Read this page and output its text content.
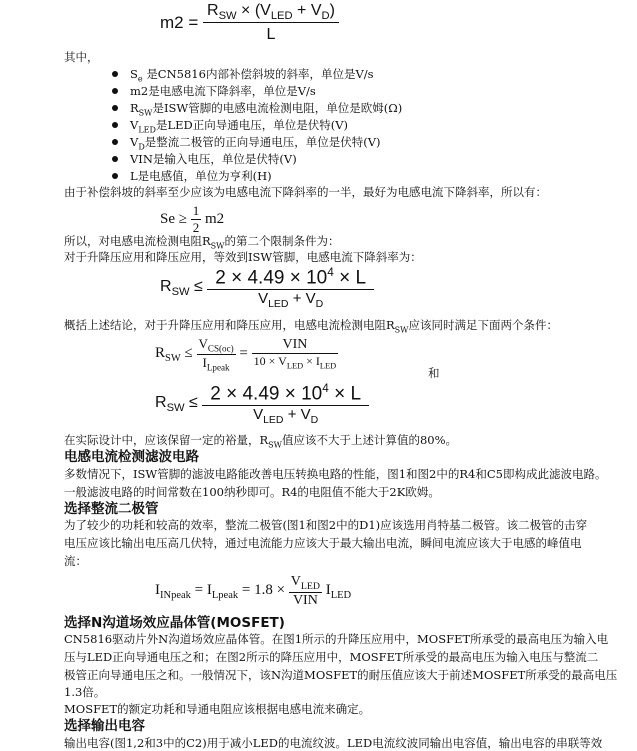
$m2 = \frac{R_{SW} \times (V_{LED} + V_D)}{L}$
其中，
$S_e$ 是CN5816内部补偿斜坡的斜率，单位是V/s
m2是电感电流下降斜率，单位是V/s
$R_{SW}$是ISW管脚的电感电流检测电阻，单位是欧姆(Ω)
$V_{LED}$是LED正向导通电压，单位是伏特(V)
$V_D$是整流二极管的正向导通电压，单位是伏特(V)
VIN是输入电压，单位是伏特(V)
L是电感值，单位为亨利(H)
由于补偿斜坡的斜率至少应该为电感电流下降斜率的一半，最好为电感电流下降斜率，所以有：
$Se \ge \frac{1}{2} m2$
所以，对电感电流检测电阻$R_{SW}$的第二个限制条件为：
对于升降压应用和降压应用，等效到ISW管脚，电感电流下降斜率为：
$R_{SW} \le \frac{2 \times 4.49 \times 10^4 \times L}{V_{LED} + V_D}$
概括上述结论，对于升降压应用和降压应用，电感电流检测电阻$R_{SW}$应该同时满足下面两个条件：
$R_{SW} \le \frac{V_{CS(oc)}}{I_{Lpeak}} = \frac{\text{VIN}}{10 \times V_{LED} \times I_{LED}}$
和
$R_{SW} \le \frac{2 \times 4.49 \times 10^4 \times L}{V_{LED} + V_D}$
在实际设计中，应该保留一定的裕量，$R_{SW}$值应该不大于上述计算值的80%。
电感电流检测滤波电路
多数情况下，ISW管脚的滤波电路能改善电压转换电路的性能，图1和图2中的R4和C5即构成此滤波电路。
一般滤波电路的时间常数在100纳秒即可。R4的电阻值不能大于2K欧姆。
选择整流二极管
为了较少的功耗和较高的效率，整流二极管(图1和图2中的D1)应该选用肖特基二极管。该二极管的击穿
电压应该比输出电压高几伏特，通过电流能力应该大于最大输出电流，瞬间电流应该大于电感的峰值电
流：
$I_{INpeak} = I_{Lpeak} = 1.8 \times \frac{V_{LED}}{\text{VIN}} I_{LED}$
选择N沟道场效应晶体管(MOSFET)
CN5816驱动片外N沟道场效应晶体管。在图1所示的升降压应用中，MOSFET所承受的最高电压为输入电
压与LED正向导通电压之和；在图2所示的降压应用中，MOSFET所承受的最高电压为输入电压与整流二
极管正向导通电压之和。一般情况下，该N沟道MOSFET的耐压值应该大于前述MOSFET所承受的最高电压
1.3倍。
MOSFET的额定功耗和导通电阻应该根据电感电流来确定。
选择输出电容
输出电容(图1,2和3中的C2)用于减小LED的电流纹波。LED电流纹波同输出电容值，输出电容的串联等效
